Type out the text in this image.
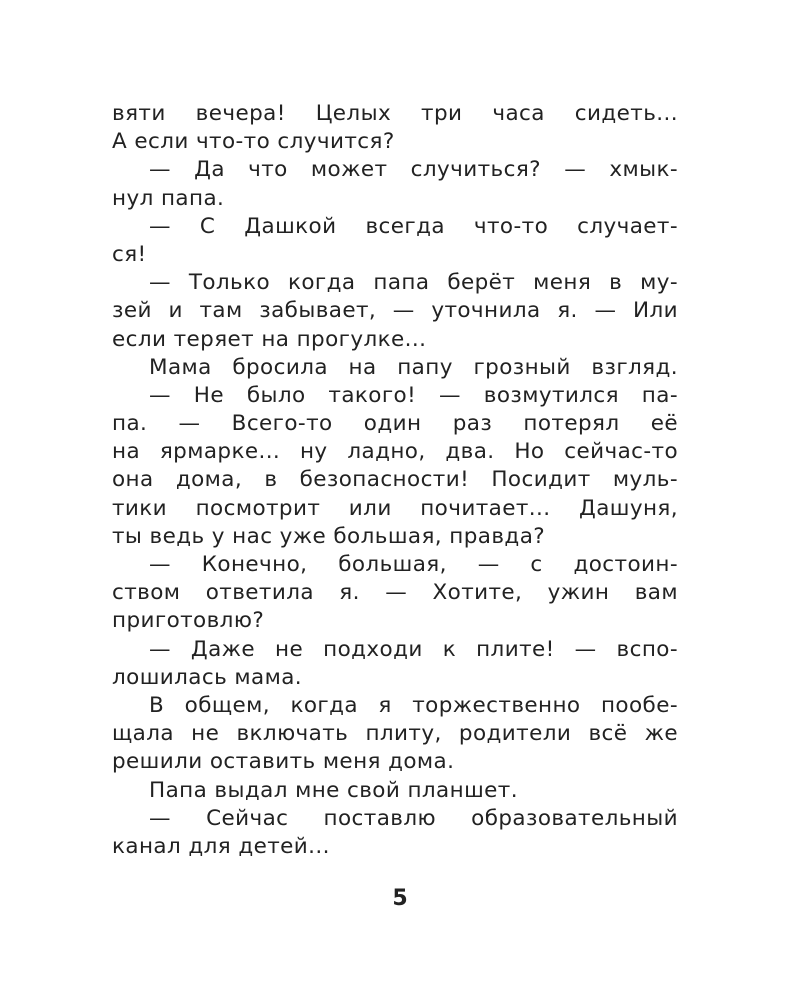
вяти вечера! Целых три часа сидеть...
А если что-то случится?
— Да что может случиться? — хмык-
нул папа.
— С Дашкой всегда что-то случает-
ся!
— Только когда папа берёт меня в му-
зей и там забывает, — уточнила я. — Или
если теряет на прогулке...
Мама бросила на папу грозный взгляд.
— Не было такого! — возмутился па-
па. — Всего-то один раз потерял её
на ярмарке... ну ладно, два. Но сейчас-то
она дома, в безопасности! Посидит муль-
тики посмотрит или почитает... Дашуня,
ты ведь у нас уже большая, правда?
— Конечно, большая, — с достоин-
ством ответила я. — Хотите, ужин вам
приготовлю?
— Даже не подходи к плите! — вспо-
лошилась мама.
В общем, когда я торжественно пообе-
щала не включать плиту, родители всё же
решили оставить меня дома.
Папа выдал мне свой планшет.
— Сейчас поставлю образовательный
канал для детей...
5
